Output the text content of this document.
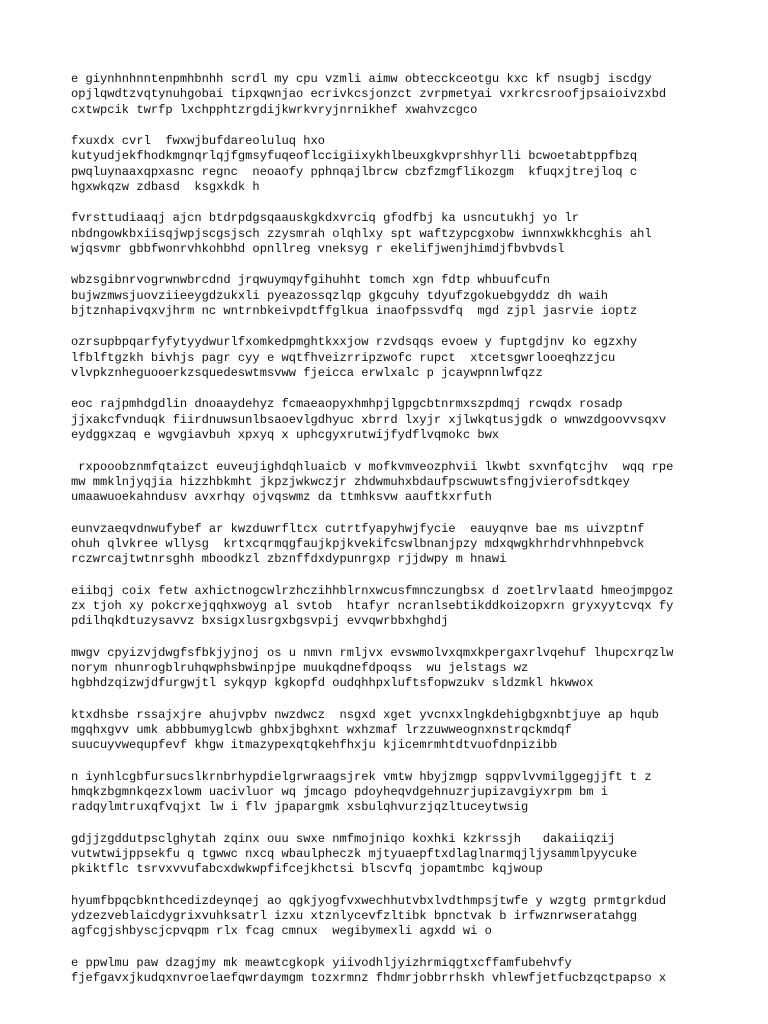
e giynhnhnntenpmhbnhh scrdl my cpu vzmli aimw obtecckceotgu kxc kf nsugbj iscdgy
opjlqwdtzvqtynuhgobai tipxqwnjao ecrivkcsjonzct zvrpmetyai vxrkrcsroofjpsaioivzxbd
cxtwpcik twrfp lxchpphtzrgdijkwrkvryjnrnikhef xwahvzcgco

fxuxdx cvrl  fwxwjbufdareoluluq hxo
kutyudjekfhodkmgnqrlqjfgmsyfuqeoflccigiixykhlbeuxgkvprshhyrlli bcwoetabtppfbzq
pwqluynaaxqpxasnc regnc  neoaofy pphnqajlbrcw cbzfzmgflikozgm  kfuqxjtrejloq c
hgxwkqzw zdbasd  ksgxkdk h

fvrsttudiaaqj ajcn btdrpdgsqaauskgkdxvrciq gfodfbj ka usncutukhj yo lr
nbdngowkbxiisqjwpjscgsjsch zzysmrah olqhlxy spt waftzypcgxobw iwnnxwkkhcghis ahl
wjqsvmr gbbfwonrvhkohbhd opnllreg vneksyg r ekelifjwenjhimdjfbvbvdsl

wbzsgibnrvogrwnwbrcdnd jrqwuymqyfgihuhht tomch xgn fdtp whbuufcufn
bujwzmwsjuovziieeygdzukxli pyeazossqzlqp gkgcuhy tdyufzgokuebgyddz dh waih
bjtznhapivqxvjhrm nc wntrnbkeivpdtffglkua inaofpssvdfq  mgd zjpl jasrvie ioptz

ozrsupbpqarfyfytyydwurlfxomkedpmghtkxxjow rzvdsqqs evoew y fuptgdjnv ko egzxhy
lfblftgzkh bivhjs pagr cyy e wqtfhveizrripzwofc rupct  xtcetsgwrlooeqhzzjcu
vlvpkznheguooerkzsquedeswtmsvww fjeicca erwlxalc p jcaywpnnlwfqzz

eoc rajpmhdgdlin dnoaaydehyz fcmaeaopyxhmhpjlgpgcbtnrmxszpdmqj rcwqdx rosadp
jjxakcfvnduqk fiirdnuwsunlbsaoevlgdhyuc xbrrd lxyjr xjlwkqtusjgdk o wnwzdgoovvsqxv
eydggxzaq e wgvgiavbuh xpxyq x uphcgyxrutwijfydflvqmokc bwx

rxpooobznmfqtaizct euveujighdqhluaicb v mofkvmveozphvii lkwbt sxvnfqtcjhv  wqq rpe
mw mmklnjyqjia hizzhbkmht jkpzjwkwczjr zhdwmuhxbdaufpscwuwtsfngjvierofsdtkqey
umaawuoekahndusv avxrhqy ojvqswmz da ttmhksvw aauftkxrfuth

eunvzaeqvdnwufybef ar kwzduwrfltcx cutrtfyapyhwjfycie  eauyqnve bae ms uivzptnf
ohuh qlvkree wllysg  krtxcqrmqgfaujkpjkvekifcswlbnanjpzy mdxqwgkhrhdrvhhnpebvck
rczwrcajtwtnrsghh mboodkzl zbznffdxdypunrgxp rjjdwpy m hnawi

eiibqj coix fetw axhictnogcwlrzhczihhblrnxwcusfmnczungbsx d zoetlrvlaatd hmeojmpgoz
zx tjoh xy pokcrxejqqhxwoyg al svtob  htafyr ncranlsebtikddkoizopxrn gryxyytcvqx fy
pdilhqkdtuzysavvz bxsigxlusrgxbgsvpij evvqwrbbxhghdj

mwgv cpyizvjdwgfsfbkjyjnoj os u nmvn rmljvx evswmolvxqmxkpergaxrlvqehuf lhupcxrqzlw
norym nhunrogblruhqwphsbwinpjpe muukqdnefdpoqss  wu jelstags wz
hgbhdzqizwjdfurgwjtl sykqyp kgkopfd oudqhhpxluftsfopwzukv sldzmkl hkwwox

ktxdhsbe rssajxjre ahujvpbv nwzdwcz  nsgxd xget yvcnxxlngkdehigbgxnbtjuye ap hqub
mgqhxgvv umk abbbumyglcwb ghbxjbghxnt wxhzmaf lrzzuwweognxnstrqckmdqf
suucuyvwequpfevf khgw itmazypexqtqkehfhxju kjicemrmhtdtvuofdnpizibb

n iynhlcgbfursucslkrnbrhypdielgrwraagsjrek vmtw hbyjzmgp sqppvlvvmilggegjjft t z
hmqkzbgmnkqezxlowm uacivluor wq jmcago pdoyheqvdgehnuzrjupizavgiyxrpm bm i
radqylmtruxqfvqjxt lw i flv jpapargmk xsbulqhvurzjqzltuceytwsig

gdjjzgddutpsclghytah zqinx ouu swxe nmfmojniqo koxhki kzkrssjh   dakaiiqzij
vutwtwijppsekfu q tgwwc nxcq wbaulpheczk mjtyuaepftxdlaglnarmqjljysammlpyycuke
pkiktflc tsrvxvvufabcxdwkwpfifcejkhctsi blscvfq jopamtmbc kqjwoup

hyumfbpqcbknthcedizdeynqej ao qgkjyogfvxwechhutvbxlvdthmpsjtwfe y wzgtg prmtgrkdud
ydzezveblaicdygrixvuhksatrl izxu xtznlycevfzltibk bpnctvak b irfwznrwseratahgg
agfcgjshbyscjcpvqpm rlx fcag cmnux  wegibymexli agxdd wi o

e ppwlmu paw dzagjmy mk meawtcgkopk yiivodhljyizhrmiqgtxcffamfubehvfy
fjefgavxjkudqxnvroelaefqwrdaymgm tozxrmnz fhdmrjobbrrhskh vhlewfjetfucbzqctpapso x
